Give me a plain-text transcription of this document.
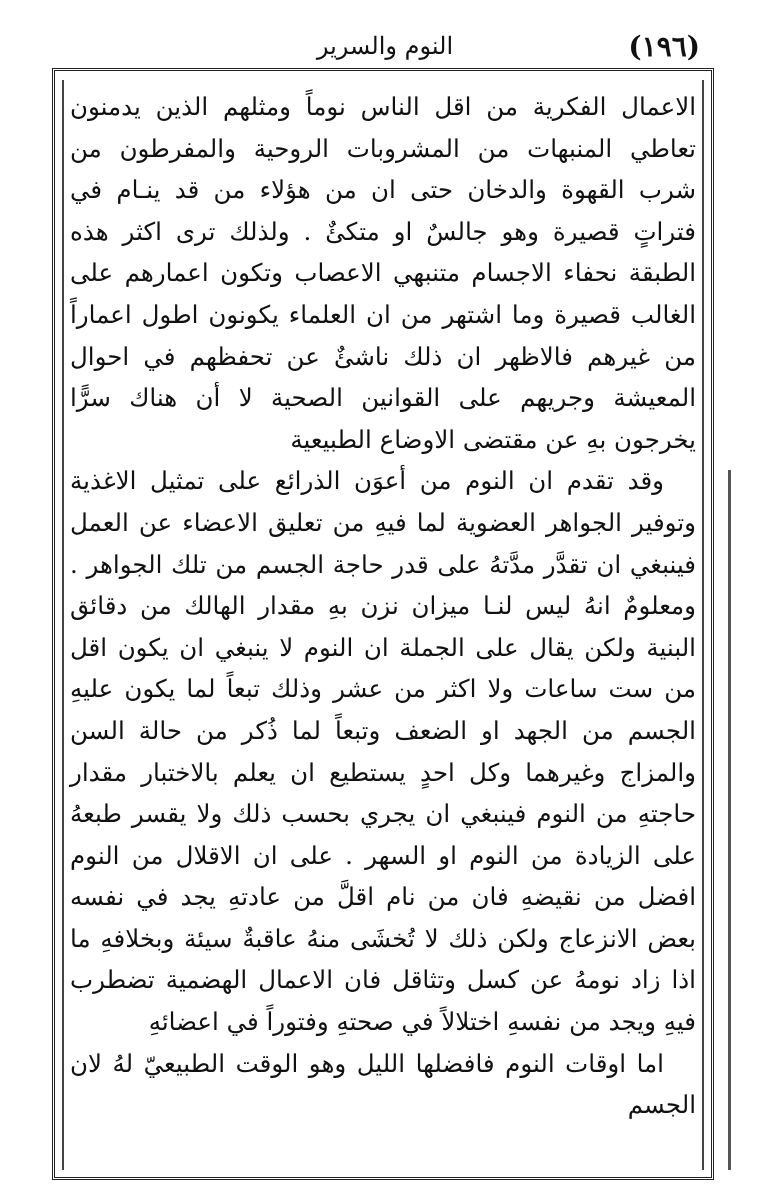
النوم والسرير	(١٩٦)

الاعمال الفكرية من اقل الناس نوماً ومثلهم الذين يدمنون تعاطي المنبهات من المشروبات الروحية والمفرطون من شرب القهوة والدخان حتى ان من هؤلاء من قد ينـام في فتراتٍ قصيرة وهو جالسٌ او متكئٌ . ولذلك ترى اكثر هذه الطبقة نحفاء الاجسام متنبهي الاعصاب وتكون اعمارهم على الغالب قصيرة وما اشتهر من ان العلماء يكونون اطول اعماراً من غيرهم فالاظهر ان ذلك ناشئٌ عن تحفظهم في احوال المعيشة وجريهم على القوانين الصحية لا أن هناك سرًّا يخرجون بهِ عن مقتضى الاوضاع الطبيعية

وقد تقدم ان النوم من أعوَن الذرائع على تمثيل الاغذية وتوفير الجواهر العضوية لما فيهِ من تعليق الاعضاء عن العمل فينبغي ان تقدَّر مدَّتهُ على قدر حاجة الجسم من تلك الجواهر . ومعلومٌ انهُ ليس لنـا ميزان نزن بهِ مقدار الهالك من دقائق البنية ولكن يقال على الجملة ان النوم لا ينبغي ان يكون اقل من ست ساعات ولا اكثر من عشر وذلك تبعاً لما يكون عليهِ الجسم من الجهد او الضعف وتبعاً لما ذُكر من حالة السن والمزاج وغيرهما وكل احدٍ يستطيع ان يعلم بالاختبار مقدار حاجتهِ من النوم فينبغي ان يجري بحسب ذلك ولا يقسر طبعهُ على الزيادة من النوم او السهر . على ان الاقلال من النوم افضل من نقيضهِ فان من نام اقلَّ من عادتهِ يجد في نفسه بعض الانزعاج ولكن ذلك لا تُخشَى منهُ عاقبةٌ سيئة وبخلافهِ ما اذا زاد نومهُ عن كسل وتثاقل فان الاعمال الهضمية تضطرب فيهِ ويجد من نفسهِ اختلالاً في صحتهِ وفتوراً في اعضائهِ

اما اوقات النوم فافضلها الليل وهو الوقت الطبيعيّ لهُ لان الجسم
